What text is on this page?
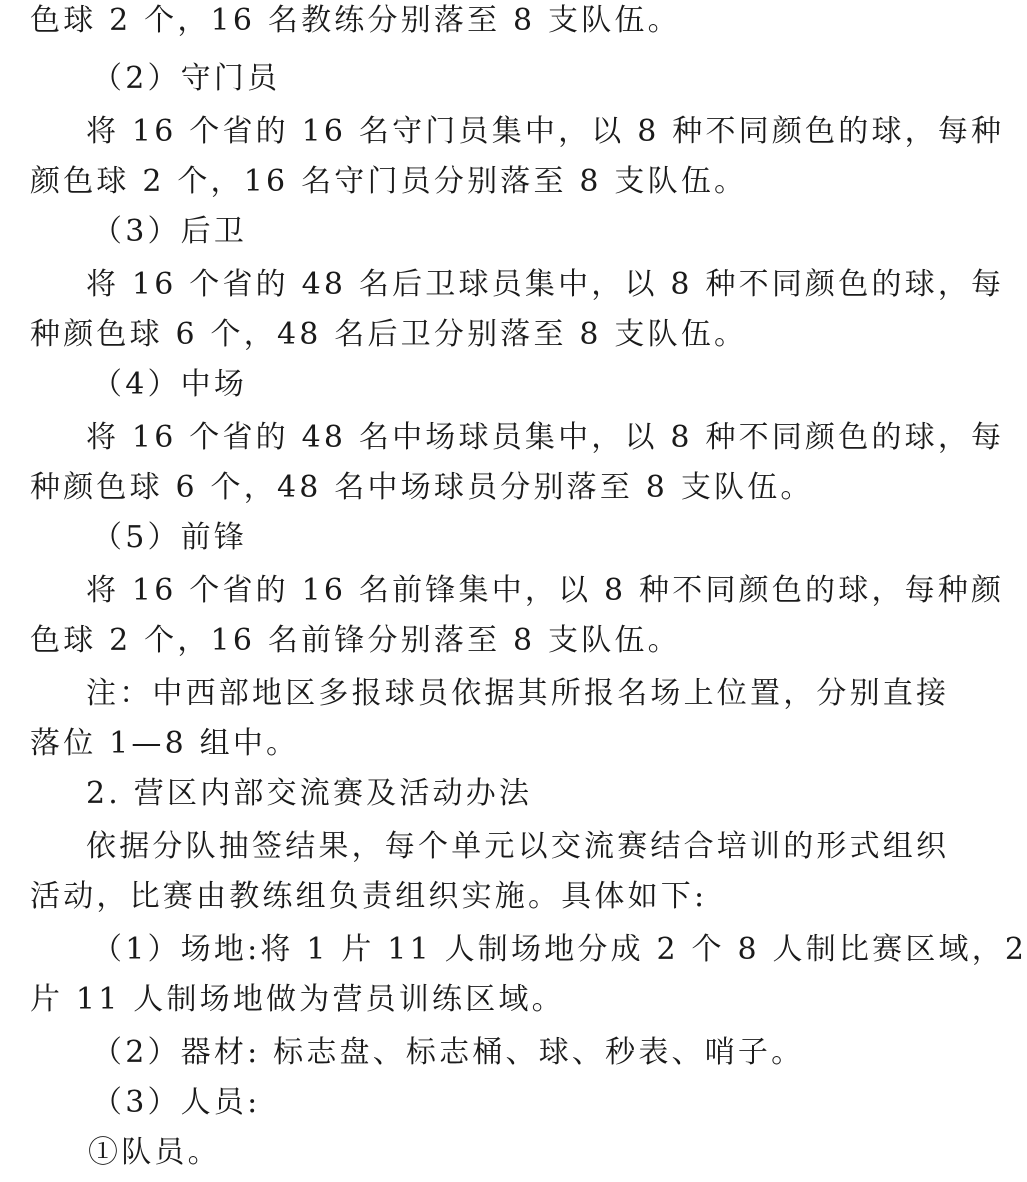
色球 2 个，16 名教练分别落至 8 支队伍。
（2）守门员
将 16 个省的 16 名守门员集中，以 8 种不同颜色的球，每种
颜色球 2 个，16 名守门员分别落至 8 支队伍。
（3）后卫
将 16 个省的 48 名后卫球员集中，以 8 种不同颜色的球，每
种颜色球 6 个，48 名后卫分别落至 8 支队伍。
（4）中场
将 16 个省的 48 名中场球员集中，以 8 种不同颜色的球，每
种颜色球 6 个，48 名中场球员分别落至 8 支队伍。
（5）前锋
将 16 个省的 16 名前锋集中，以 8 种不同颜色的球，每种颜
色球 2 个，16 名前锋分别落至 8 支队伍。
注：中西部地区多报球员依据其所报名场上位置，分别直接
落位 1—8 组中。
2. 营区内部交流赛及活动办法
依据分队抽签结果，每个单元以交流赛结合培训的形式组织
活动，比赛由教练组负责组织实施。具体如下:
（1）场地:将 1 片 11 人制场地分成 2 个 8 人制比赛区域，2
片 11 人制场地做为营员训练区域。
（2）器材: 标志盘、标志桶、球、秒表、哨子。
（3）人员:
①队员。
